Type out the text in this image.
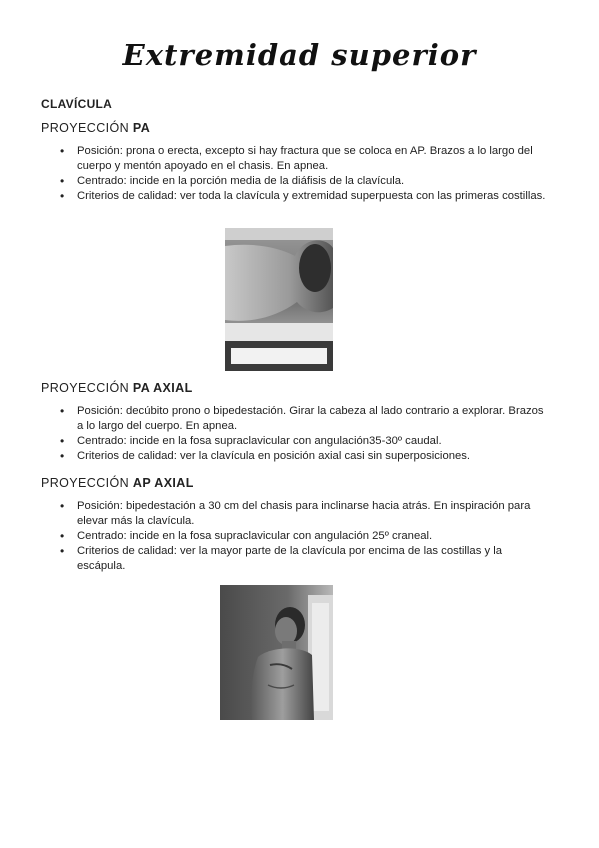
Extremidad superior
CLAVÍCULA
PROYECCIÓN PA
• Posición: prona o erecta, excepto si hay fractura que se coloca en AP. Brazos a lo largo del cuerpo y mentón apoyado en el chasis. En apnea.
• Centrado: incide en la porción media de la diáfisis de la clavícula.
• Criterios de calidad: ver toda la clavícula y extremidad superpuesta con las primeras costillas.
PROYECCIÓN PA AXIAL
• Posición: decúbito prono o bipedestación. Girar la cabeza al lado contrario a explorar. Brazos a lo largo del cuerpo. En apnea.
• Centrado: incide en la fosa supraclavicular con angulación35-30º caudal.
• Criterios de calidad: ver la clavícula en posición axial casi sin superposiciones.
PROYECCIÓN AP AXIAL
• Posición: bipedestación a 30 cm del chasis para inclinarse hacia atrás. En inspiración para elevar más la clavícula.
• Centrado: incide en la fosa supraclavicular con angulación 25º craneal.
• Criterios de calidad: ver la mayor parte de la clavícula por encima de las costillas y la escápula.
